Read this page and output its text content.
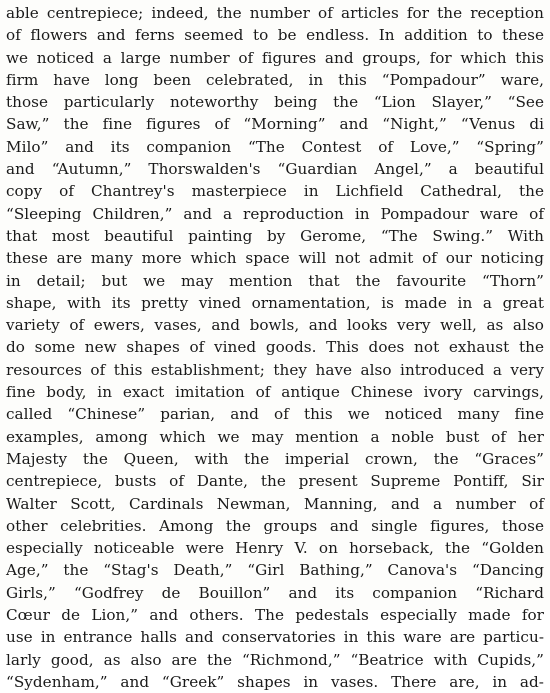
able centrepiece; indeed, the number of articles for the reception
of flowers and ferns seemed to be endless. In addition to these
we noticed a large number of figures and groups, for which this
firm have long been celebrated, in this “Pompadour” ware,
those particularly noteworthy being the “Lion Slayer,” “See
Saw,” the fine figures of “Morning” and “Night,” “Venus di
Milo” and its companion “The Contest of Love,” “Spring”
and “Autumn,” Thorswalden's “Guardian Angel,” a beautiful
copy of Chantrey's masterpiece in Lichfield Cathedral, the
“Sleeping Children,” and a reproduction in Pompadour ware of
that most beautiful painting by Gerome, “The Swing.” With
these are many more which space will not admit of our noticing
in detail; but we may mention that the favourite “Thorn”
shape, with its pretty vined ornamentation, is made in a great
variety of ewers, vases, and bowls, and looks very well, as also
do some new shapes of vined goods. This does not exhaust the
resources of this establishment; they have also introduced a very
fine body, in exact imitation of antique Chinese ivory carvings,
called “Chinese” parian, and of this we noticed many fine
examples, among which we may mention a noble bust of her
Majesty the Queen, with the imperial crown, the “Graces”
centrepiece, busts of Dante, the present Supreme Pontiff, Sir
Walter Scott, Cardinals Newman, Manning, and a number of
other celebrities. Among the groups and single figures, those
especially noticeable were Henry V. on horseback, the “Golden
Age,” the “Stag's Death,” “Girl Bathing,” Canova's “Dancing
Girls,” “Godfrey de Bouillon” and its companion “Richard
Cœur de Lion,” and others. The pedestals especially made for
use in entrance halls and conservatories in this ware are particu-
larly good, as also are the “Richmond,” “Beatrice with Cupids,”
“Sydenham,” and “Greek” shapes in vases. There are, in ad-
